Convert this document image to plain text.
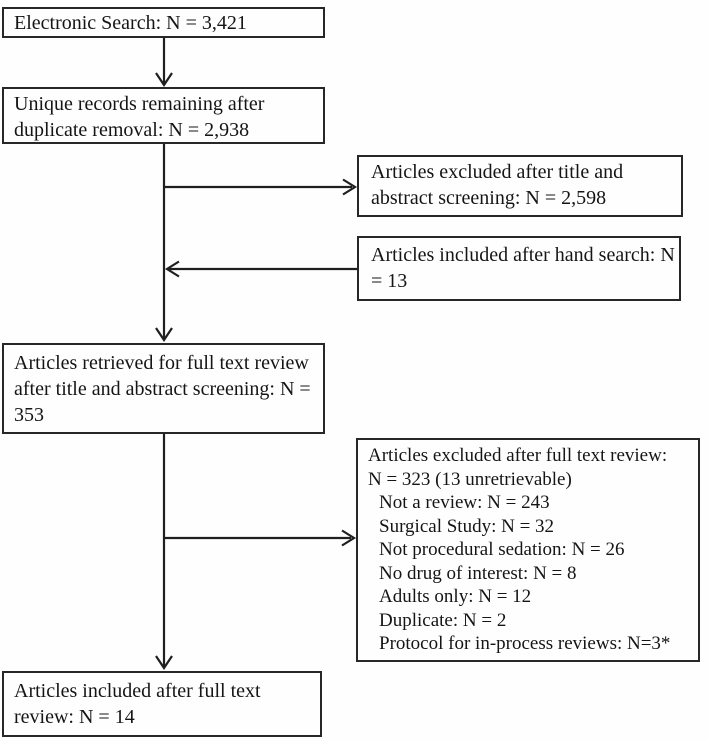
Electronic Search: N = 3,421
Unique records remaining after duplicate removal: N = 2,938
Articles excluded after title and abstract screening: N = 2,598
Articles included after hand search: N = 13
Articles retrieved for full text review after title and abstract screening: N = 353
Articles excluded after full text review:
N = 323 (13 unretrievable)
Not a review: N = 243
Surgical Study: N = 32
Not procedural sedation: N = 26
No drug of interest: N = 8
Adults only: N = 12
Duplicate: N = 2
Protocol for in-process reviews: N=3*
Articles included after full text review: N = 14
